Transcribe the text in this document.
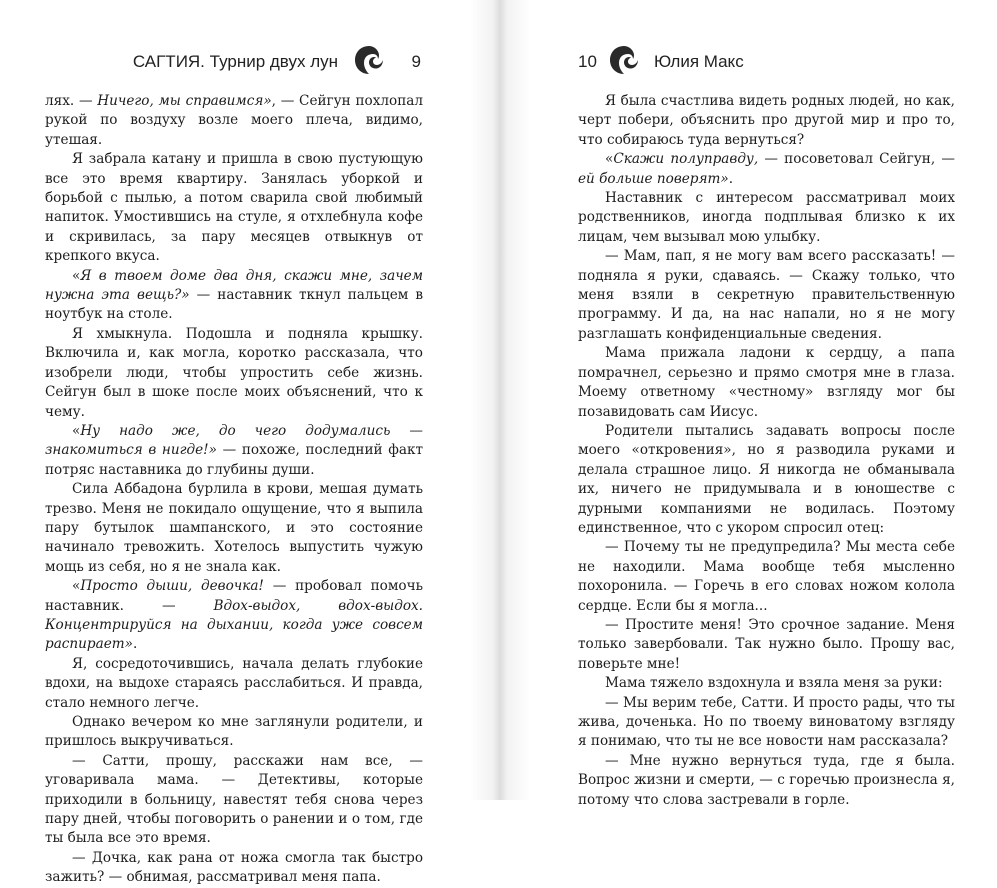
САГТИЯ. Турнир двух лун	9

лях. — Ничего, мы справимся», — Сейгун похлопал рукой по воздуху возле моего плеча, видимо, утешая.

Я забрала катану и пришла в свою пустующую все это время квартиру. Занялась уборкой и борьбой с пылью, а потом сварила свой любимый напиток. Умостившись на стуле, я отхлебнула кофе и скривилась, за пару месяцев отвыкнув от крепкого вкуса.

«Я в твоем доме два дня, скажи мне, зачем нужна эта вещь?» — наставник ткнул пальцем в ноутбук на столе.

Я хмыкнула. Подошла и подняла крышку. Включила и, как могла, коротко рассказала, что изобрели люди, чтобы упростить себе жизнь. Сейгун был в шоке после моих объяснений, что к чему.

«Ну надо же, до чего додумались — знакомиться в нигде!» — похоже, последний факт потряс наставника до глубины души.

Сила Аббадона бурлила в крови, мешая думать трезво. Меня не покидало ощущение, что я выпила пару бутылок шампанского, и это состояние начинало тревожить. Хотелось выпустить чужую мощь из себя, но я не знала как.

«Просто дыши, девочка! — пробовал помочь наставник. — Вдох-выдох, вдох-выдох. Концентрируйся на дыхании, когда уже совсем распирает».

Я, сосредоточившись, начала делать глубокие вдохи, на выдохе стараясь расслабиться. И правда, стало немного легче.

Однако вечером ко мне заглянули родители, и пришлось выкручиваться.

— Сатти, прошу, расскажи нам все, — уговаривала мама. — Детективы, которые приходили в больницу, навестят тебя снова через пару дней, чтобы поговорить о ранении и о том, где ты была все это время.

— Дочка, как рана от ножа смогла так быстро зажить? — обнимая, рассматривал меня папа.

10	Юлия Макс

Я была счастлива видеть родных людей, но как, черт побери, объяснить про другой мир и про то, что собираюсь туда вернуться?

«Скажи полуправду, — посоветовал Сейгун, — ей больше поверят».

Наставник с интересом рассматривал моих родственников, иногда подплывая близко к их лицам, чем вызывал мою улыбку.

— Мам, пап, я не могу вам всего рассказать! — подняла я руки, сдаваясь. — Скажу только, что меня взяли в секретную правительственную программу. И да, на нас напали, но я не могу разглашать конфиденциальные сведения.

Мама прижала ладони к сердцу, а папа помрачнел, серьезно и прямо смотря мне в глаза. Моему ответному «честному» взгляду мог бы позавидовать сам Иисус.

Родители пытались задавать вопросы после моего «откровения», но я разводила руками и делала страшное лицо. Я никогда не обманывала их, ничего не придумывала и в юношестве с дурными компаниями не водилась. Поэтому единственное, что с укором спросил отец:

— Почему ты не предупредила? Мы места себе не находили. Мама вообще тебя мысленно похоронила. — Горечь в его словах ножом колола сердце. Если бы я могла...

— Простите меня! Это срочное задание. Меня только завербовали. Так нужно было. Прошу вас, поверьте мне!

Мама тяжело вздохнула и взяла меня за руки:

— Мы верим тебе, Сатти. И просто рады, что ты жива, доченька. Но по твоему виноватому взгляду я понимаю, что ты не все новости нам рассказала?

— Мне нужно вернуться туда, где я была. Вопрос жизни и смерти, — с горечью произнесла я, потому что слова застревали в горле.
